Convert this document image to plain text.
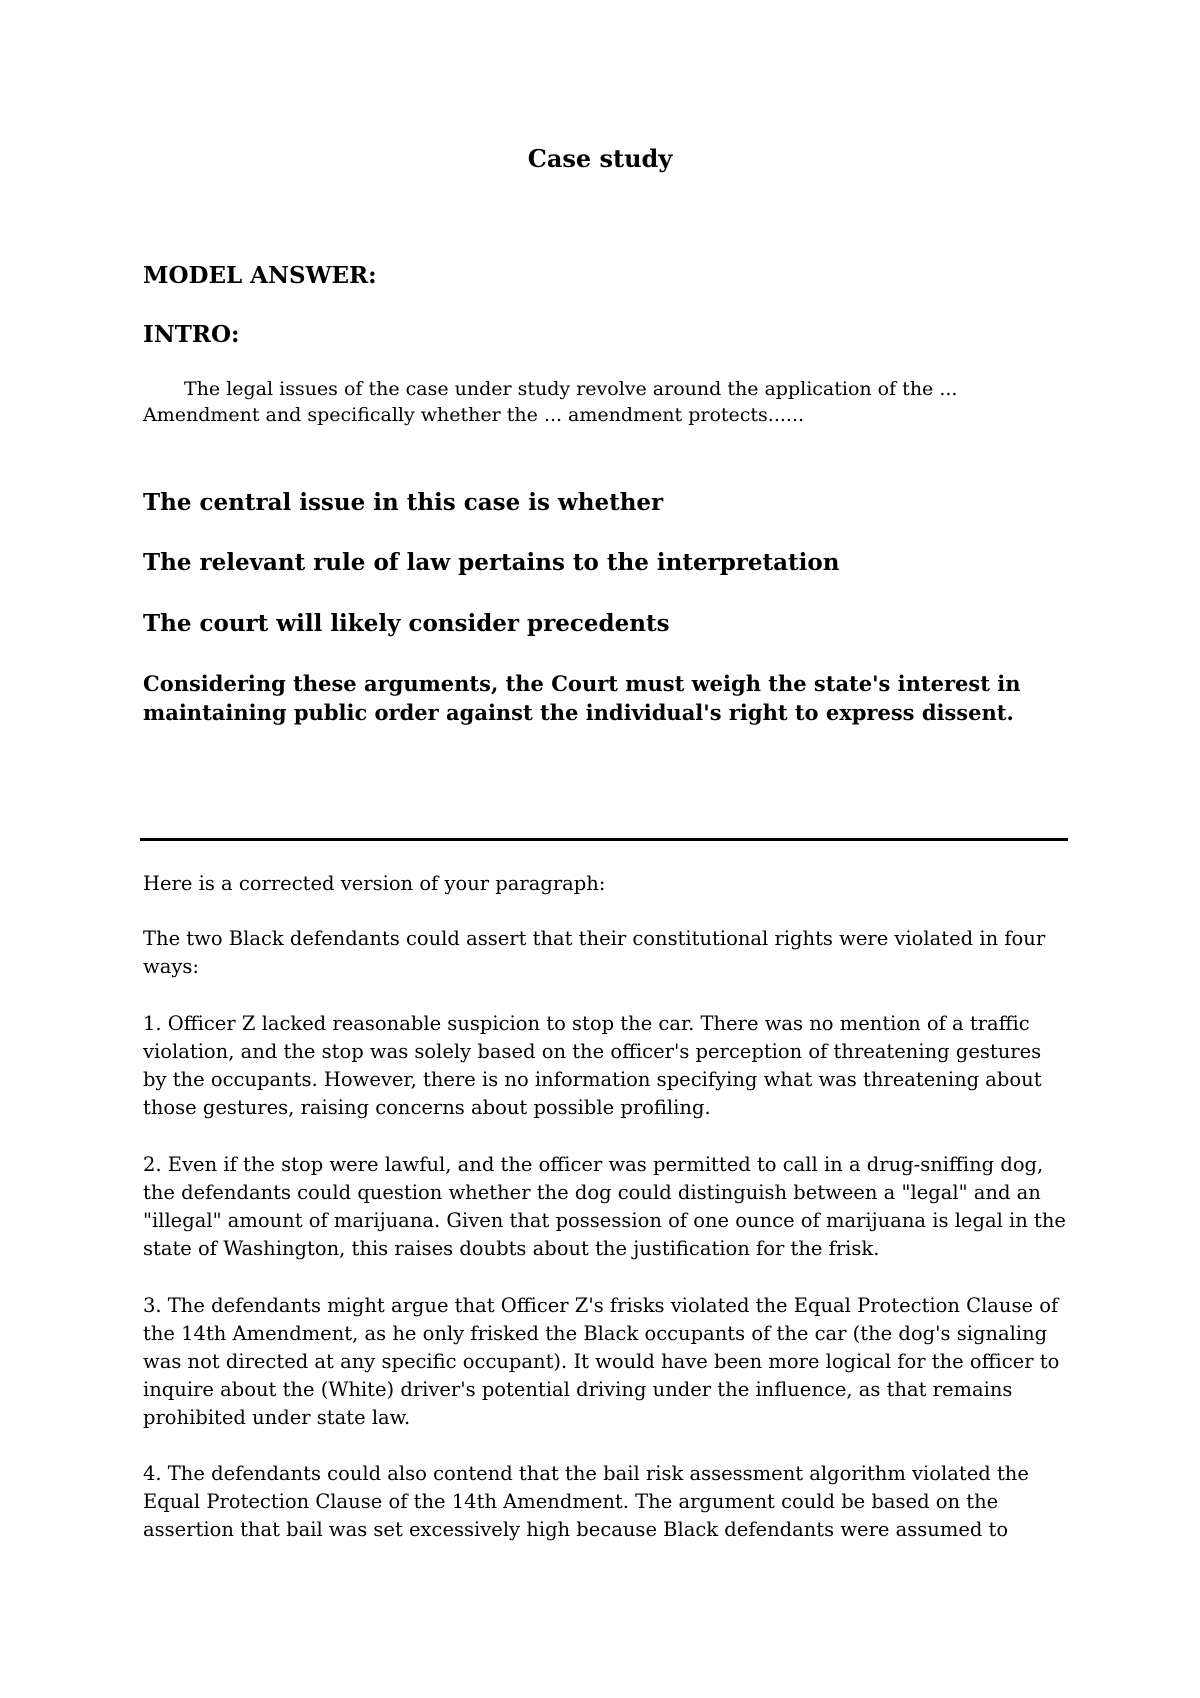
Case study
MODEL ANSWER:
INTRO:
The legal issues of the case under study revolve around the application of the ... Amendment and specifically whether the ... amendment protects......
The central issue in this case is whether
The relevant rule of law pertains to the interpretation
The court will likely consider precedents
Considering these arguments, the Court must weigh the state's interest in maintaining public order against the individual's right to express dissent.
Here is a corrected version of your paragraph:
The two Black defendants could assert that their constitutional rights were violated in four ways:
1. Officer Z lacked reasonable suspicion to stop the car. There was no mention of a traffic violation, and the stop was solely based on the officer's perception of threatening gestures by the occupants. However, there is no information specifying what was threatening about those gestures, raising concerns about possible profiling.
2. Even if the stop were lawful, and the officer was permitted to call in a drug-sniffing dog, the defendants could question whether the dog could distinguish between a "legal" and an "illegal" amount of marijuana. Given that possession of one ounce of marijuana is legal in the state of Washington, this raises doubts about the justification for the frisk.
3. The defendants might argue that Officer Z's frisks violated the Equal Protection Clause of the 14th Amendment, as he only frisked the Black occupants of the car (the dog's signaling was not directed at any specific occupant). It would have been more logical for the officer to inquire about the (White) driver's potential driving under the influence, as that remains prohibited under state law.
4. The defendants could also contend that the bail risk assessment algorithm violated the Equal Protection Clause of the 14th Amendment. The argument could be based on the assertion that bail was set excessively high because Black defendants were assumed to
